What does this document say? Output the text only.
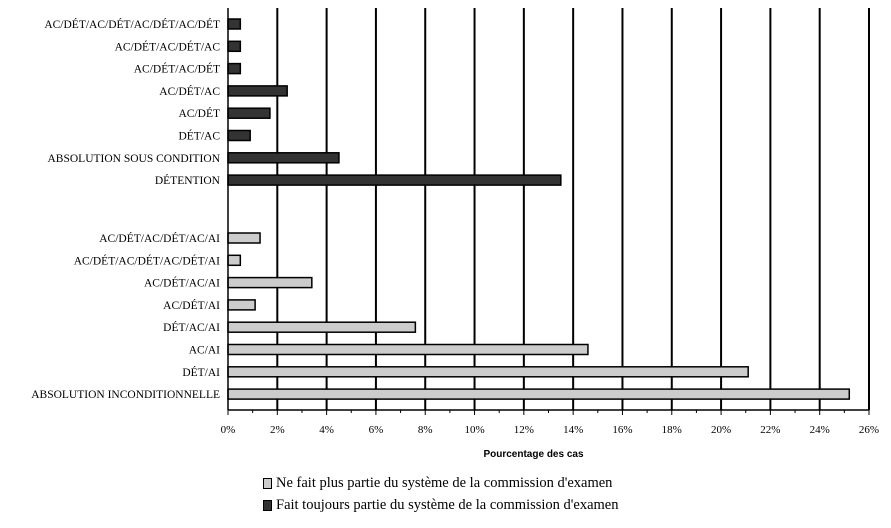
0%	2%	4%	6%	8%	10%	12%	14%	16%	18%	20%	22%	24%	26%
AC/DÉT/AC/DÉT/AC/DÉT/AC/DÉT
AC/DÉT/AC/DÉT/AC
AC/DÉT/AC/DÉT
AC/DÉT/AC
AC/DÉT
DÉT/AC
ABSOLUTION SOUS CONDITION
DÉTENTION
AC/DÉT/AC/DÉT/AC/AI
AC/DÉT/AC/DÉT/AC/DÉT/AI
AC/DÉT/AC/AI
AC/DÉT/AI
DÉT/AC/AI
AC/AI
DÉT/AI
ABSOLUTION INCONDITIONNELLE
Pourcentage des cas
Ne fait plus partie du système de la commission d'examen
Fait toujours partie du système de la commission d'examen
